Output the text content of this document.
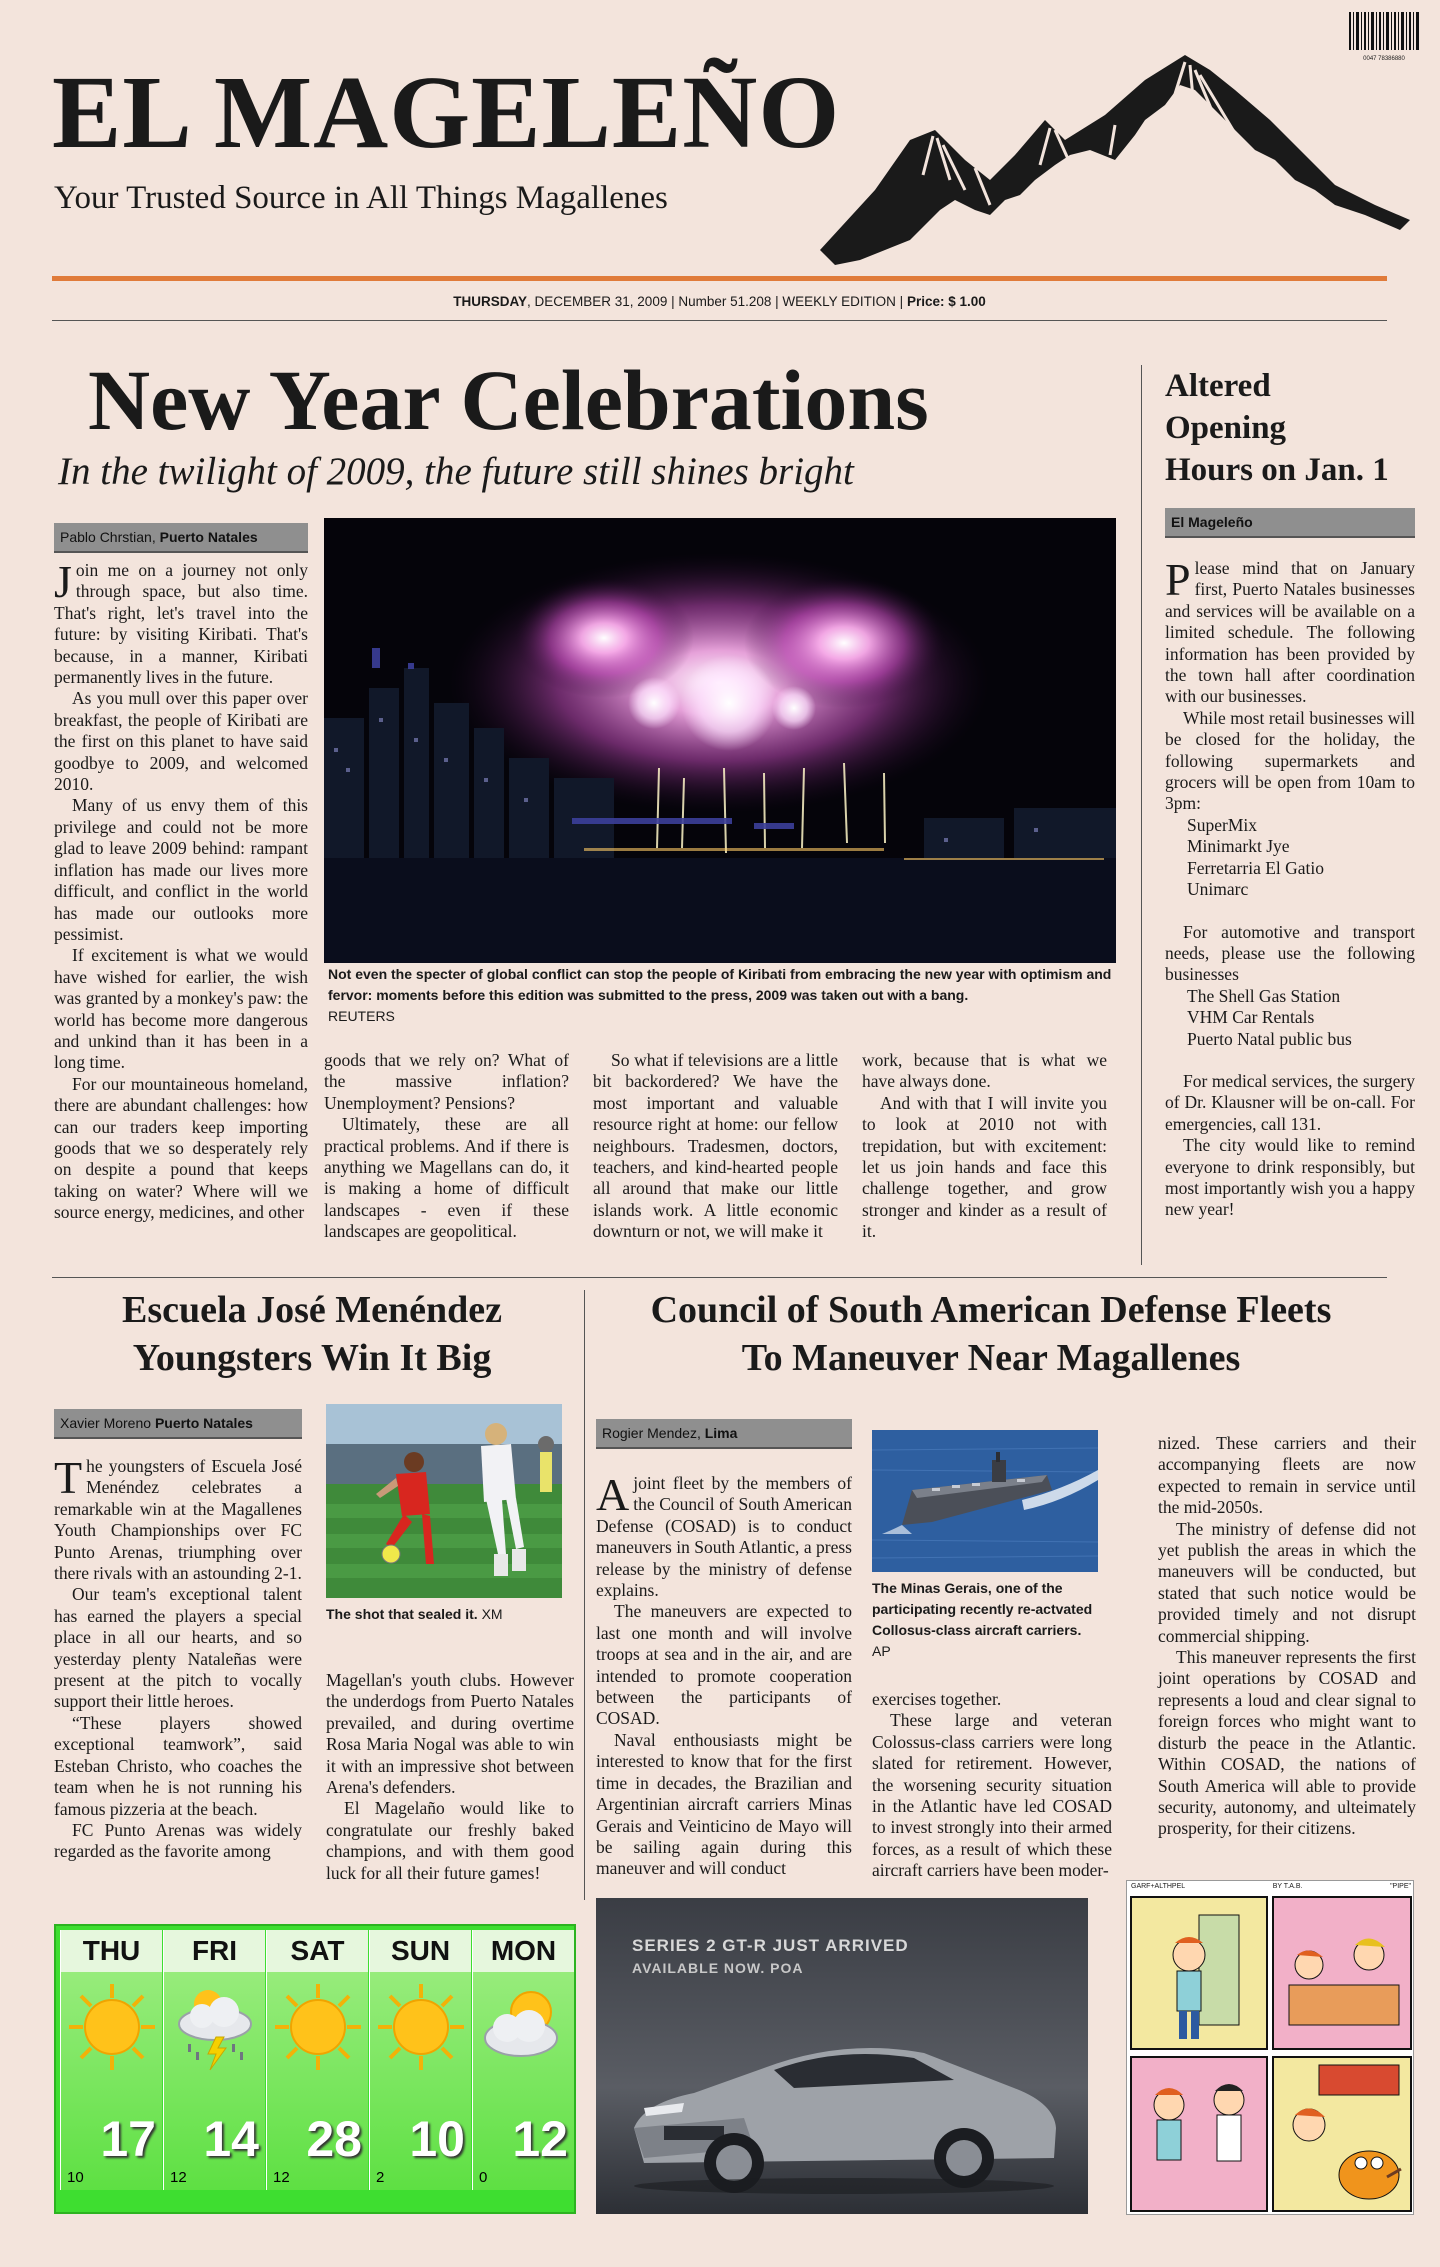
EL MAGELEÑO
Your Trusted Source in All Things Magallenes
0047 78386880
THURSDAY, DECEMBER 31, 2009 | Number 51.208 | WEEKLY EDITION | Price: $ 1.00
New Year Celebrations
In the twilight of 2009, the future still shines bright
Pablo Chrstian, Puerto Natales

Join me on a journey not only through space, but also time. That's right, let's travel into the future: by visiting Kiribati. That's because, in a manner, Kiribati permanently lives in the future.

As you mull over this paper over breakfast, the people of Kiribati are the first on this planet to have said goodbye to 2009, and welcomed 2010.

Many of us envy them of this privilege and could not be more glad to leave 2009 behind: rampant inflation has made our lives more difficult, and conflict in the world has made our outlooks more pessimist.

If excitement is what we would have wished for earlier, the wish was granted by a monkey's paw: the world has become more dangerous and unkind than it has been in a long time.

For our mountaineous homeland, there are abundant challenges: how can our traders keep importing goods that we so desperately rely on despite a pound that keeps taking on water? Where will we source energy, medicines, and other

Not even the specter of global conflict can stop the people of Kiribati from embracing the new year with optimism and fervor: moments before this edition was submitted to the press, 2009 was taken out with a bang.
REUTERS

goods that we rely on? What of the massive inflation? Unemployment? Pensions?

Ultimately, these are all practical problems. And if there is anything we Magellans can do, it is making a home of difficult landscapes - even if these landscapes are geopolitical.

So what if televisions are a little bit backordered? We have the most important and valuable resource right at home: our fellow neighbours. Tradesmen, doctors, teachers, and kind-hearted people all around that make our little islands work. A little economic downturn or not, we will make it

work, because that is what we have always done.

And with that I will invite you to look at 2010 not with trepidation, but with excitement: let us join hands and face this challenge together, and grow stronger and kinder as a result of it.

Altered Opening
Hours on Jan. 1
El Mageleño

Please mind that on January first, Puerto Natales businesses and services will be available on a limited schedule. The following information has been provided by the town hall after coordination with our businesses.

While most retail businesses will be closed for the holiday, the following supermarkets and grocers will be open from 10am to 3pm:

SuperMix
Minimarkt Jye
Ferretarria El Gatio
Unimarc

For automotive and transport needs, please use the following businesses

The Shell Gas Station
VHM Car Rentals
Puerto Natal public bus

For medical services, the surgery of Dr. Klausner will be on-call. For emergencies, call 131.

The city would like to remind everyone to drink responsibly, but most importantly wish you a happy new year!

Escuela José Menéndez
Youngsters Win It Big
Xavier Moreno Puerto Natales

The youngsters of Escuela José Menéndez celebrates a remarkable win at the Magallenes Youth Championships over FC Punto Arenas, triumphing over there rivals with an astounding 2-1.

Our team's exceptional talent has earned the players a special place in all our hearts, and so yesterday plenty Natalеñas were present at the pitch to vocally support their little heroes.

“These players showed exceptional teamwork”, said Esteban Christo, who coaches the team when he is not running his famous pizzeria at the beach.

FC Punto Arenas was widely regarded as the favorite among

The shot that sealed it. XM

Magellan's youth clubs. However the underdogs from Puerto Natales prevailed, and during overtime Rosa Maria Nogal was able to win it with an impressive shot between Arena's defenders.

El Magelaño would like to congratulate our freshly baked champions, and with them good luck for all their future games!

Council of South American Defense Fleets
To Maneuver Near Magallenes
Rogier Mendez, Lima

A joint fleet by the members of the Council of South American Defense (COSAD) is to conduct maneuvers in South Atlantic, a press release by the ministry of defense explains.

The maneuvers are expected to last one month and will involve troops at sea and in the air, and are intended to promote cooperation between the participants of COSAD.

Naval enthousiasts might be interested to know that for the first time in decades, the Brazilian and Argentinian aircraft carriers Minas Gerais and Veinticino de Mayo will be sailing again during this maneuver and will conduct

The Minas Gerais, one of the participating recently re-actvated Collosus-class aircraft carriers. AP

exercises together.

These large and veteran Colossus-class carriers were long slated for retirement. However, the worsening security situation in the Atlantic have led COSAD to invest strongly into their armed forces, as a result of which these aircraft carriers have been moder-

nized. These carriers and their accompanying fleets are now expected to remain in service until the mid-2050s.

The ministry of defense did not yet publish the areas in which the maneuvers will be conducted, but stated that such notice would be provided timely and not disrupt commercial shipping.

This maneuver represents the first joint operations by COSAD and represents a loud and clear signal to foreign forces who might want to disturb the peace in the Atlantic. Within COSAD, the nations of South America will able to provide security, autonomy, and ulteimately prosperity, for their citizens.

THU
17
10
FRI
14
12
SAT
28
12
SUN
10
2
MON
12
0
SERIES 2 GT-R JUST ARRIVED
AVAILABLE NOW. POA
GARF+ALTHPEL	BY T.A.B.	"PIPE"
